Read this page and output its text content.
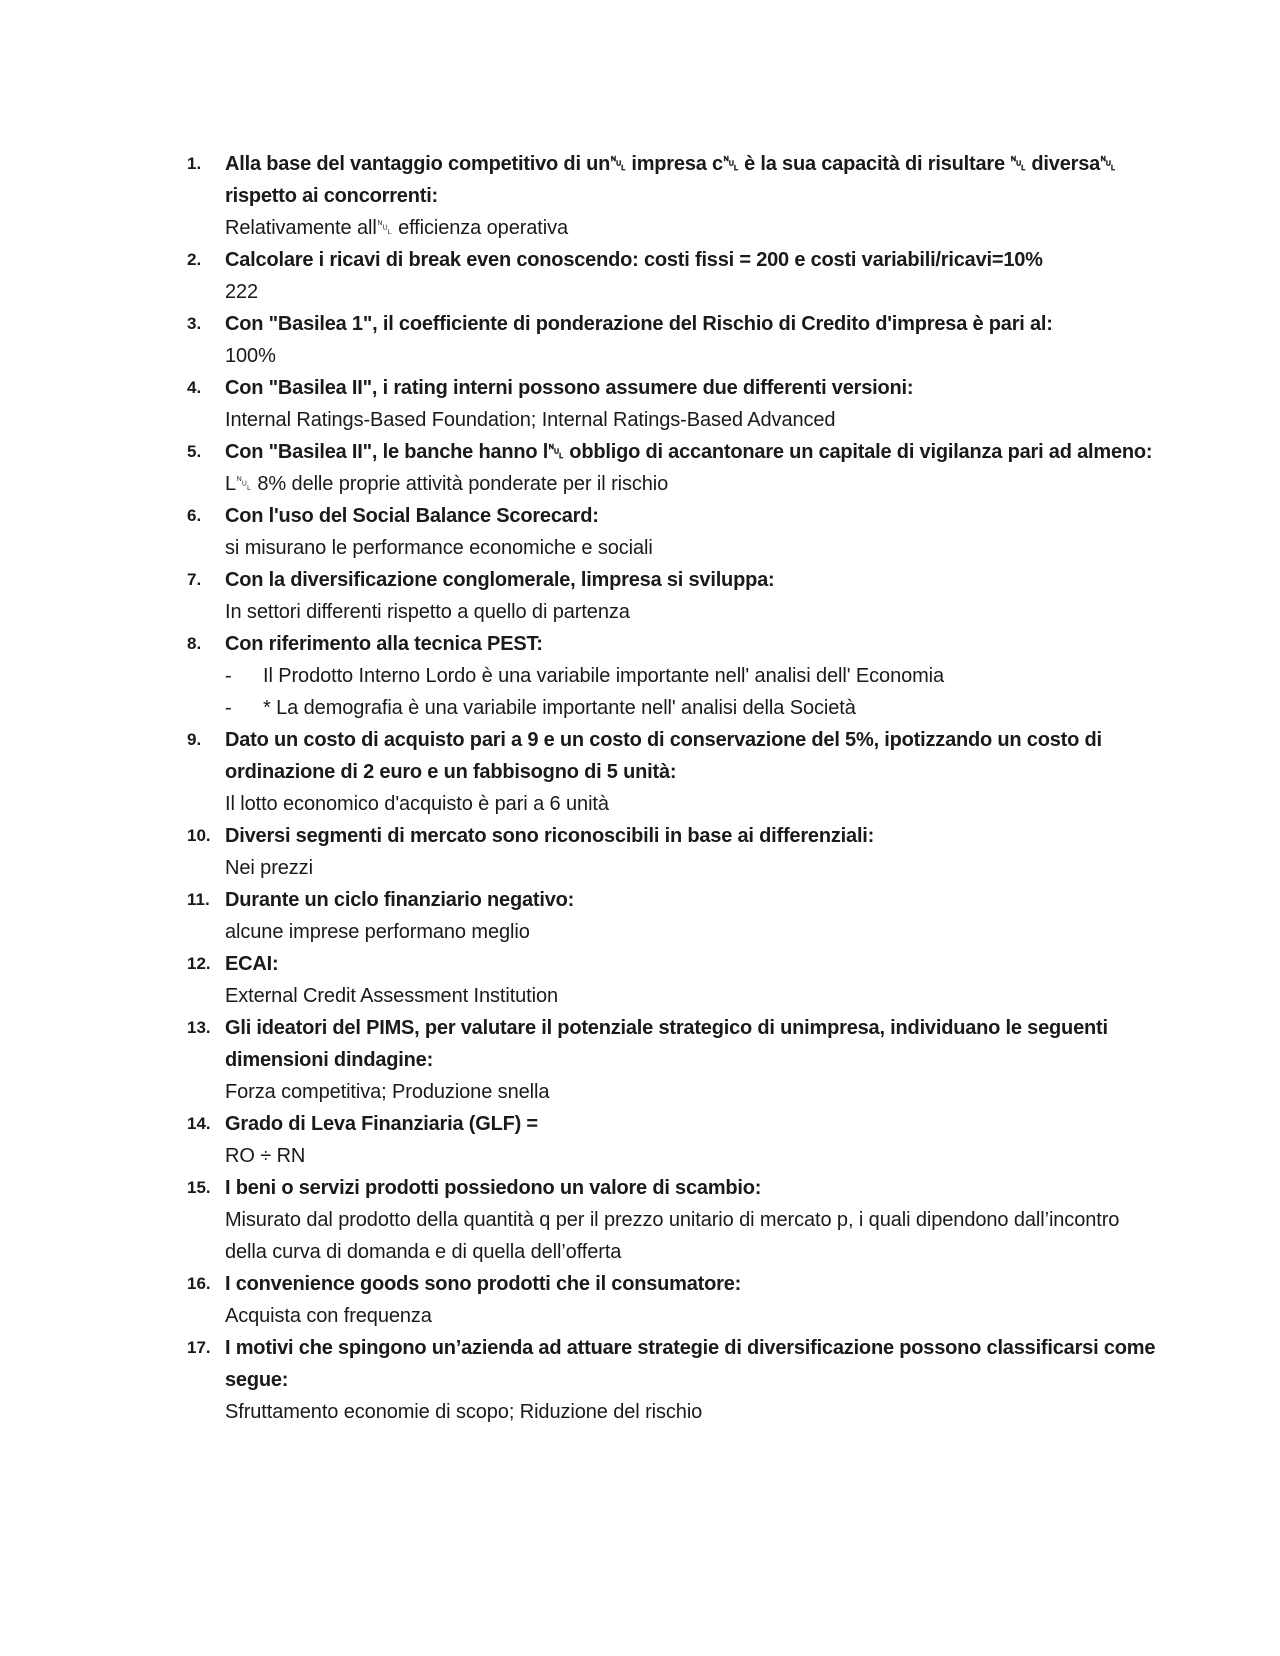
1.	Alla base del vantaggio competitivo di un␀ impresa c␀ è la sua capacità di risultare ␀ diversa␀ rispetto ai concorrenti:
Relativamente all␀ efficienza operativa
2.	Calcolare i ricavi di break even conoscendo: costi fissi = 200 e costi variabili/ricavi=10%
222
3.	Con "Basilea 1", il coefficiente di ponderazione del Rischio di Credito d'impresa è pari al:
100%
4.	Con "Basilea II", i rating interni possono assumere due differenti versioni:
Internal Ratings-Based Foundation; Internal Ratings-Based Advanced
5.	Con "Basilea II", le banche hanno l␀ obbligo di accantonare un capitale di vigilanza pari ad almeno:
L␀ 8% delle proprie attività ponderate per il rischio
6.	Con l'uso del Social Balance Scorecard:
si misurano le performance economiche e sociali
7.	Con la diversificazione conglomerale, limpresa si sviluppa:
In settori differenti rispetto a quello di partenza
8.	Con riferimento alla tecnica PEST:
- Il Prodotto Interno Lordo è una variabile importante nell' analisi dell' Economia
- * La demografia è una variabile importante nell' analisi della Società
9.	Dato un costo di acquisto pari a 9 e un costo di conservazione del 5%, ipotizzando un costo di ordinazione di 2 euro e un fabbisogno di 5 unità:
Il lotto economico d'acquisto è pari a 6 unità
10. Diversi segmenti di mercato sono riconoscibili in base ai differenziali:
Nei prezzi
11. Durante un ciclo finanziario negativo:
alcune imprese performano meglio
12. ECAI:
External Credit Assessment Institution
13. Gli ideatori del PIMS, per valutare il potenziale strategico di unimpresa, individuano le seguenti dimensioni dindagine:
Forza competitiva; Produzione snella
14. Grado di Leva Finanziaria (GLF) =
RO ÷ RN
15. I beni o servizi prodotti possiedono un valore di scambio:
Misurato dal prodotto della quantità q per il prezzo unitario di mercato p, i quali dipendono dall’incontro della curva di domanda e di quella dell’offerta
16. I convenience goods sono prodotti che il consumatore:
Acquista con frequenza
17. I motivi che spingono un’azienda ad attuare strategie di diversificazione possono classificarsi come segue:
Sfruttamento economie di scopo; Riduzione del rischio
